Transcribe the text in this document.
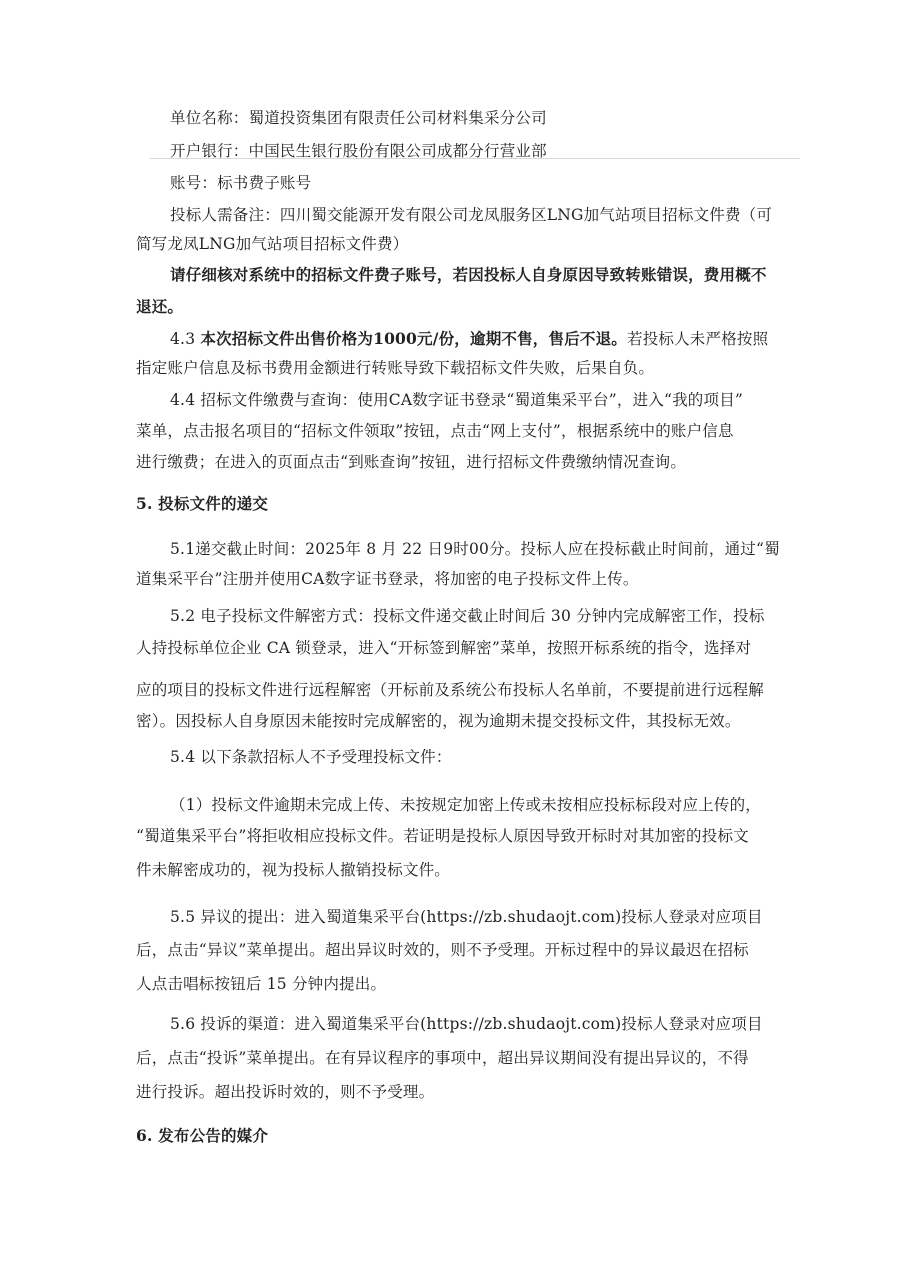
单位名称：蜀道投资集团有限责任公司材料集采分公司
开户银行：中国民生银行股份有限公司成都分行营业部
账号：标书费子账号
投标人需备注：四川蜀交能源开发有限公司龙凤服务区LNG加气站项目招标文件费（可
简写龙凤LNG加气站项目招标文件费）
请仔细核对系统中的招标文件费子账号，若因投标人自身原因导致转账错误，费用概不
退还。
4.3 本次招标文件出售价格为1000元/份，逾期不售，售后不退。若投标人未严格按照
指定账户信息及标书费用金额进行转账导致下载招标文件失败，后果自负。
4.4 招标文件缴费与查询：使用CA数字证书登录“蜀道集采平台”，进入“我的项目”
菜单，点击报名项目的“招标文件领取”按钮，点击“网上支付”，根据系统中的账户信息
进行缴费；在进入的页面点击“到账查询”按钮，进行招标文件费缴纳情况查询。
5. 投标文件的递交
5.1递交截止时间：2025年 8 月 22 日9时00分。投标人应在投标截止时间前，通过“蜀
道集采平台”注册并使用CA数字证书登录，将加密的电子投标文件上传。
5.2 电子投标文件解密方式：投标文件递交截止时间后 30 分钟内完成解密工作，投标
人持投标单位企业 CA 锁登录，进入“开标签到解密”菜单，按照开标系统的指令，选择对
应的项目的投标文件进行远程解密（开标前及系统公布投标人名单前，不要提前进行远程解
密）。因投标人自身原因未能按时完成解密的，视为逾期未提交投标文件，其投标无效。
5.4 以下条款招标人不予受理投标文件：
（1）投标文件逾期未完成上传、未按规定加密上传或未按相应投标标段对应上传的，
“蜀道集采平台”将拒收相应投标文件。若证明是投标人原因导致开标时对其加密的投标文
件未解密成功的，视为投标人撤销投标文件。
5.5 异议的提出：进入蜀道集采平台(https://zb.shudaojt.com)投标人登录对应项目
后，点击“异议”菜单提出。超出异议时效的，则不予受理。开标过程中的异议最迟在招标
人点击唱标按钮后 15 分钟内提出。
5.6 投诉的渠道：进入蜀道集采平台(https://zb.shudaojt.com)投标人登录对应项目
后，点击“投诉”菜单提出。在有异议程序的事项中，超出异议期间没有提出异议的，不得
进行投诉。超出投诉时效的，则不予受理。
6. 发布公告的媒介
